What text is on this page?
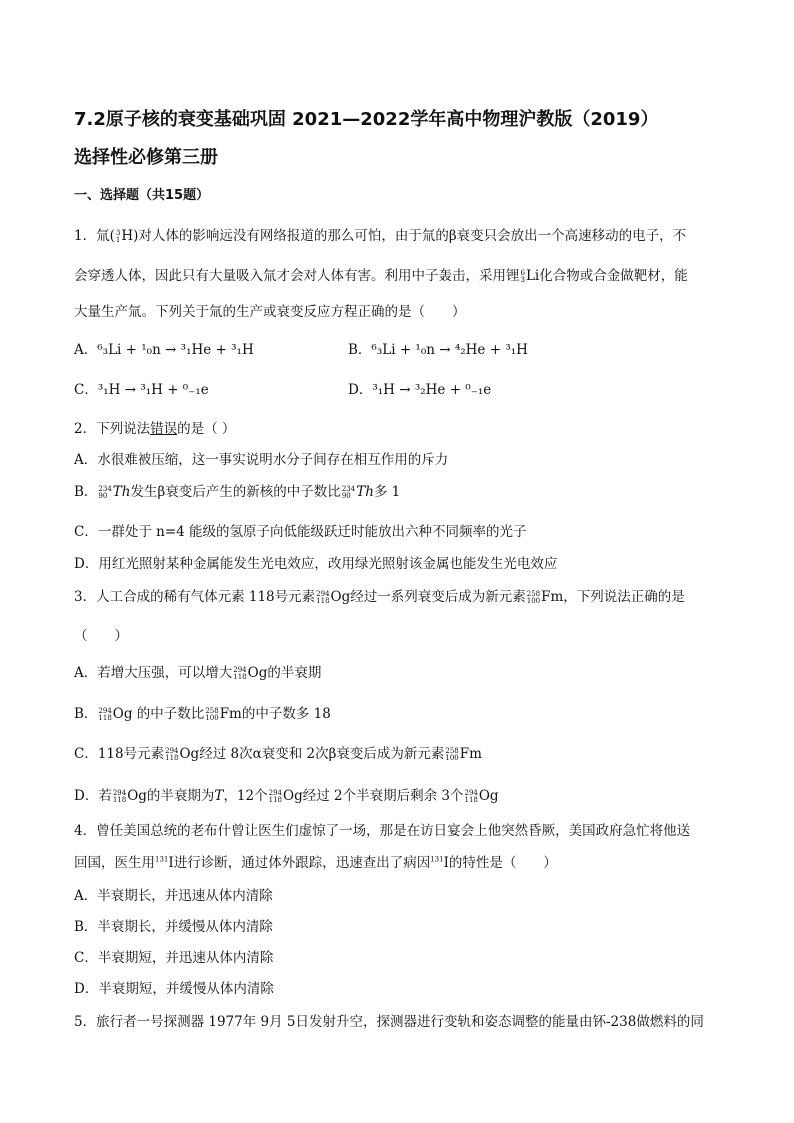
7.2原子核的衰变基础巩固 2021—2022学年高中物理沪教版（2019）
选择性必修第三册
一、选择题（共15题）
1．氚( 3
1 H)对人体的影响远没有网络报道的那么可怕，由于氚的β衰变只会放出一个高速移动的电子，不
会穿透人体，因此只有大量吸入氚才会对人体有害。利用中子轰击，采用锂 6
3 Li化合物或合金做靶材，能
大量生产氚。下列关于氚的生产或衰变反应方程正确的是（　　）
A．⁶₃Li + ¹₀n → ³₁He + ³₁H	B．⁶₃Li + ¹₀n → ⁴₂He + ³₁H
C．³₁H → ³₁H + ⁰₋₁e	D．³₁H → ³₂He + ⁰₋₁e
2．下列说法错误的是（ ）
A．水很难被压缩，这一事实说明水分子间存在相互作用的斥力
B． 234
90 Th发生β衰变后产生的新核的中子数比 234
90 Th多 1
C．一群处于 n=4 能级的氢原子向低能级跃迁时能放出六种不同频率的光子
D．用红光照射某种金属能发生光电效应，改用绿光照射该金属也能发生光电效应
3．人工合成的稀有气体元素 118号元素 294
118 Og经过一系列衰变后成为新元素 258
100 Fm，下列说法正确的是
（　　）
A．若增大压强，可以增大 294
118 Og的半衰期
B． 294
118 Og 的中子数比 258
100 Fm的中子数多 18
C．118号元素 294
118 Og经过 8次α衰变和 2次β衰变后成为新元素 258
100 Fm
D．若 294
118 Og的半衰期为T，12个 294
118 Og经过 2个半衰期后剩余 3个 294
118 Og
4．曾任美国总统的老布什曾让医生们虚惊了一场，那是在访日宴会上他突然昏厥，美国政府急忙将他送
回国，医生用$^{131}$I进行诊断，通过体外跟踪，迅速查出了病因$^{131}$I的特性是（　　）
A．半衰期长，并迅速从体内清除
B．半衰期长，并缓慢从体内清除
C．半衰期短，并迅速从体内清除
D．半衰期短，并缓慢从体内清除
5．旅行者一号探测器 1977年 9月 5日发射升空，探测器进行变轨和姿态调整的能量由钚-238做燃料的同
